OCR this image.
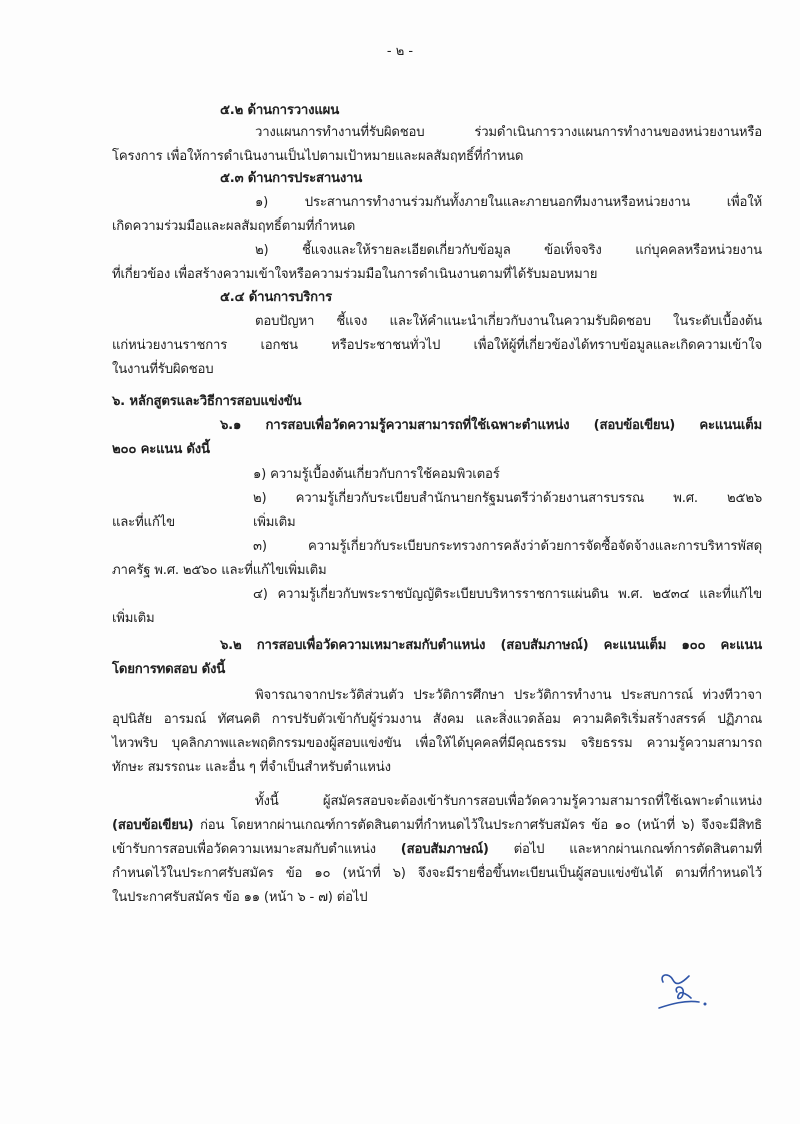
- ๒ -
๕.๒ ด้านการวางแผน
วางแผนการทำงานที่รับผิดชอบ ร่วมดำเนินการวางแผนการทำงานของหน่วยงานหรือ
โครงการ เพื่อให้การดำเนินงานเป็นไปตามเป้าหมายและผลสัมฤทธิ์ที่กำหนด
๕.๓ ด้านการประสานงาน
๑) ประสานการทำงานร่วมกันทั้งภายในและภายนอกทีมงานหรือหน่วยงาน เพื่อให้
เกิดความร่วมมือและผลสัมฤทธิ์ตามที่กำหนด
๒) ชี้แจงและให้รายละเอียดเกี่ยวกับข้อมูล ข้อเท็จจริง แก่บุคคลหรือหน่วยงาน
ที่เกี่ยวข้อง เพื่อสร้างความเข้าใจหรือความร่วมมือในการดำเนินงานตามที่ได้รับมอบหมาย
๕.๔ ด้านการบริการ
ตอบปัญหา ชี้แจง และให้คำแนะนำเกี่ยวกับงานในความรับผิดชอบ ในระดับเบื้องต้น
แก่หน่วยงานราชการ เอกชน หรือประชาชนทั่วไป เพื่อให้ผู้ที่เกี่ยวข้องได้ทราบข้อมูลและเกิดความเข้าใจ
ในงานที่รับผิดชอบ
๖. หลักสูตรและวิธีการสอบแข่งขัน
๖.๑ การสอบเพื่อวัดความรู้ความสามารถที่ใช้เฉพาะตำแหน่ง (สอบข้อเขียน) คะแนนเต็ม
๒๐๐ คะแนน ดังนี้
๑) ความรู้เบื้องต้นเกี่ยวกับการใช้คอมพิวเตอร์
๒) ความรู้เกี่ยวกับระเบียบสำนักนายกรัฐมนตรีว่าด้วยงานสารบรรณ พ.ศ. ๒๕๒๖
และที่แก้ไข	เพิ่มเติม
๓) ความรู้เกี่ยวกับระเบียบกระทรวงการคลังว่าด้วยการจัดซื้อจัดจ้างและการบริหารพัสดุ
ภาครัฐ พ.ศ. ๒๕๖๐ และที่แก้ไขเพิ่มเติม
๔) ความรู้เกี่ยวกับพระราชบัญญัติระเบียบบริหารราชการแผ่นดิน พ.ศ. ๒๕๓๔ และที่แก้ไข
เพิ่มเติม
๖.๒ การสอบเพื่อวัดความเหมาะสมกับตำแหน่ง (สอบสัมภาษณ์) คะแนนเต็ม ๑๐๐ คะแนน
โดยการทดสอบ ดังนี้
พิจารณาจากประวัติส่วนตัว ประวัติการศึกษา ประวัติการทำงาน ประสบการณ์ ท่วงทีวาจา
อุปนิสัย อารมณ์ ทัศนคติ การปรับตัวเข้ากับผู้ร่วมงาน สังคม และสิ่งแวดล้อม ความคิดริเริ่มสร้างสรรค์ ปฏิภาณ
ไหวพริบ บุคลิกภาพและพฤติกรรมของผู้สอบแข่งขัน เพื่อให้ได้บุคคลที่มีคุณธรรม จริยธรรม ความรู้ความสามารถ
ทักษะ สมรรถนะ และอื่น ๆ ที่จำเป็นสำหรับตำแหน่ง
ทั้งนี้ ผู้สมัครสอบจะต้องเข้ารับการสอบเพื่อวัดความรู้ความสามารถที่ใช้เฉพาะตำแหน่ง
(สอบข้อเขียน) ก่อน โดยหากผ่านเกณฑ์การตัดสินตามที่กำหนดไว้ในประกาศรับสมัคร ข้อ ๑๐ (หน้าที่ ๖) จึงจะมีสิทธิ
เข้ารับการสอบเพื่อวัดความเหมาะสมกับตำแหน่ง (สอบสัมภาษณ์) ต่อไป และหากผ่านเกณฑ์การตัดสินตามที่
กำหนดไว้ในประกาศรับสมัคร ข้อ ๑๐ (หน้าที่ ๖) จึงจะมีรายชื่อขึ้นทะเบียนเป็นผู้สอบแข่งขันได้ ตามที่กำหนดไว้
ในประกาศรับสมัคร ข้อ ๑๑ (หน้า ๖ - ๗) ต่อไป
